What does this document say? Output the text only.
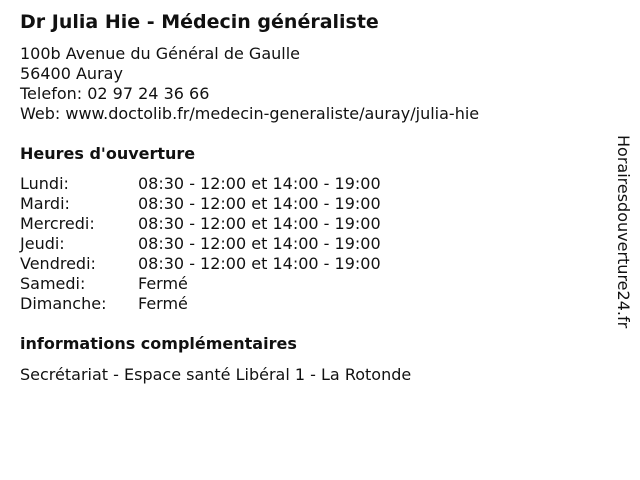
Dr Julia Hie - Médecin généraliste
100b Avenue du Général de Gaulle
56400 Auray
Telefon: 02 97 24 36 66
Web: www.doctolib.fr/medecin-generaliste/auray/julia-hie
Heures d'ouverture
Lundi:	08:30 - 12:00 et 14:00 - 19:00
Mardi:	08:30 - 12:00 et 14:00 - 19:00
Mercredi:	08:30 - 12:00 et 14:00 - 19:00
Jeudi:	08:30 - 12:00 et 14:00 - 19:00
Vendredi:	08:30 - 12:00 et 14:00 - 19:00
Samedi:	Fermé
Dimanche: Fermé
informations complémentaires
Secrétariat - Espace santé Libéral 1 - La Rotonde
Horairesdouverture24.fr
